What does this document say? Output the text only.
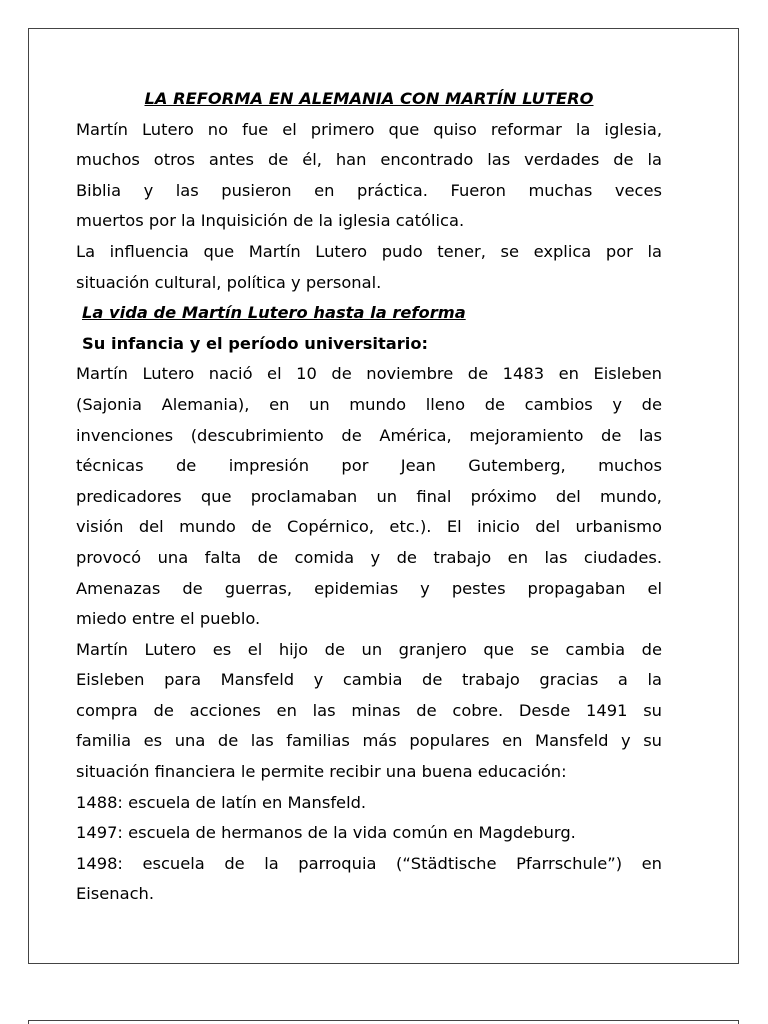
LA REFORMA EN ALEMANIA CON MARTÍN LUTERO
Martín Lutero no fue el primero que quiso reformar la iglesia,
muchos otros antes de él, han encontrado las verdades de la
Biblia y las pusieron en práctica. Fueron muchas veces
muertos por la Inquisición de la iglesia católica.
La influencia que Martín Lutero pudo tener, se explica por la
situación cultural, política y personal.
La vida de Martín Lutero hasta la reforma
Su infancia y el período universitario:
Martín Lutero nació el 10 de noviembre de 1483 en Eisleben
(Sajonia Alemania), en un mundo lleno de cambios y de
invenciones (descubrimiento de América, mejoramiento de las
técnicas de impresión por Jean Gutemberg, muchos
predicadores que proclamaban un final próximo del mundo,
visión del mundo de Copérnico, etc.). El inicio del urbanismo
provocó una falta de comida y de trabajo en las ciudades.
Amenazas de guerras, epidemias y pestes propagaban el
miedo entre el pueblo.
Martín Lutero es el hijo de un granjero que se cambia de
Eisleben para Mansfeld y cambia de trabajo gracias a la
compra de acciones en las minas de cobre. Desde 1491 su
familia es una de las familias más populares en Mansfeld y su
situación financiera le permite recibir una buena educación:
1488: escuela de latín en Mansfeld.
1497: escuela de hermanos de la vida común en Magdeburg.
1498: escuela de la parroquia (“Städtische Pfarrschule”) en
Eisenach.
